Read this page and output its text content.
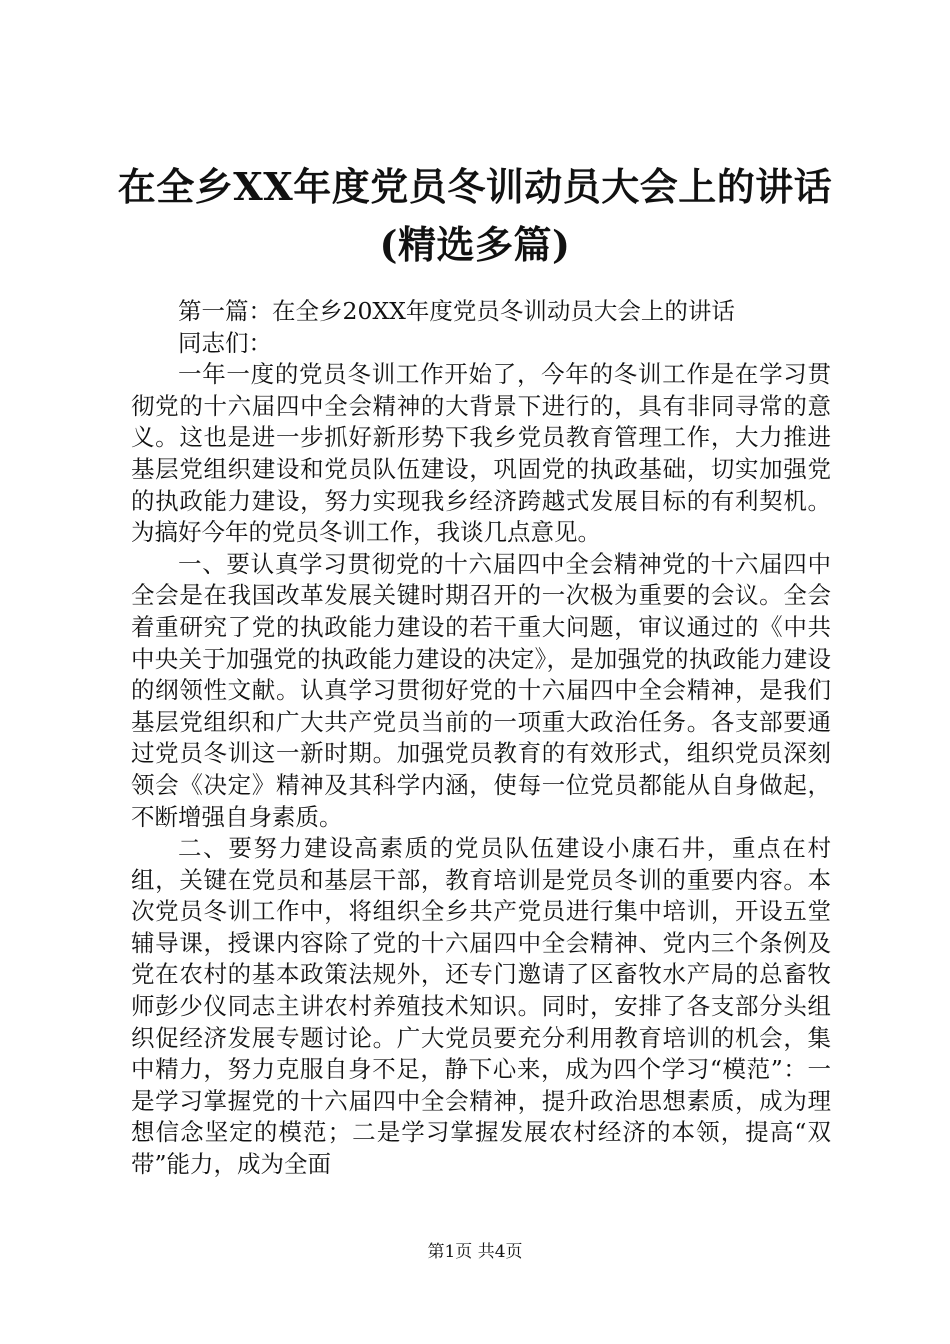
在全乡XX年度党员冬训动员大会上的讲话(精选多篇)

第一篇：在全乡20XX年度党员冬训动员大会上的讲话

同志们：

一年一度的党员冬训工作开始了，今年的冬训工作是在学习贯彻党的十六届四中全会精神的大背景下进行的，具有非同寻常的意义。这也是进一步抓好新形势下我乡党员教育管理工作，大力推进基层党组织建设和党员队伍建设，巩固党的执政基础，切实加强党的执政能力建设，努力实现我乡经济跨越式发展目标的有利契机。为搞好今年的党员冬训工作，我谈几点意见。

一、要认真学习贯彻党的十六届四中全会精神党的十六届四中全会是在我国改革发展关键时期召开的一次极为重要的会议。全会着重研究了党的执政能力建设的若干重大问题，审议通过的《中共中央关于加强党的执政能力建设的决定》，是加强党的执政能力建设的纲领性文献。认真学习贯彻好党的十六届四中全会精神，是我们基层党组织和广大共产党员当前的一项重大政治任务。各支部要通过党员冬训这一新时期。加强党员教育的有效形式，组织党员深刻领会《决定》精神及其科学内涵，使每一位党员都能从自身做起，不断增强自身素质。

二、要努力建设高素质的党员队伍建设小康石井，重点在村组，关键在党员和基层干部，教育培训是党员冬训的重要内容。本次党员冬训工作中，将组织全乡共产党员进行集中培训，开设五堂辅导课，授课内容除了党的十六届四中全会精神、党内三个条例及党在农村的基本政策法规外，还专门邀请了区畜牧水产局的总畜牧师彭少仪同志主讲农村养殖技术知识。同时，安排了各支部分头组织促经济发展专题讨论。广大党员要充分利用教育培训的机会，集中精力，努力克服自身不足，静下心来，成为四个学习“模范”：一是学习掌握党的十六届四中全会精神，提升政治思想素质，成为理想信念坚定的模范；二是学习掌握发展农村经济的本领，提高“双带”能力，成为全面

第1页 共4页
